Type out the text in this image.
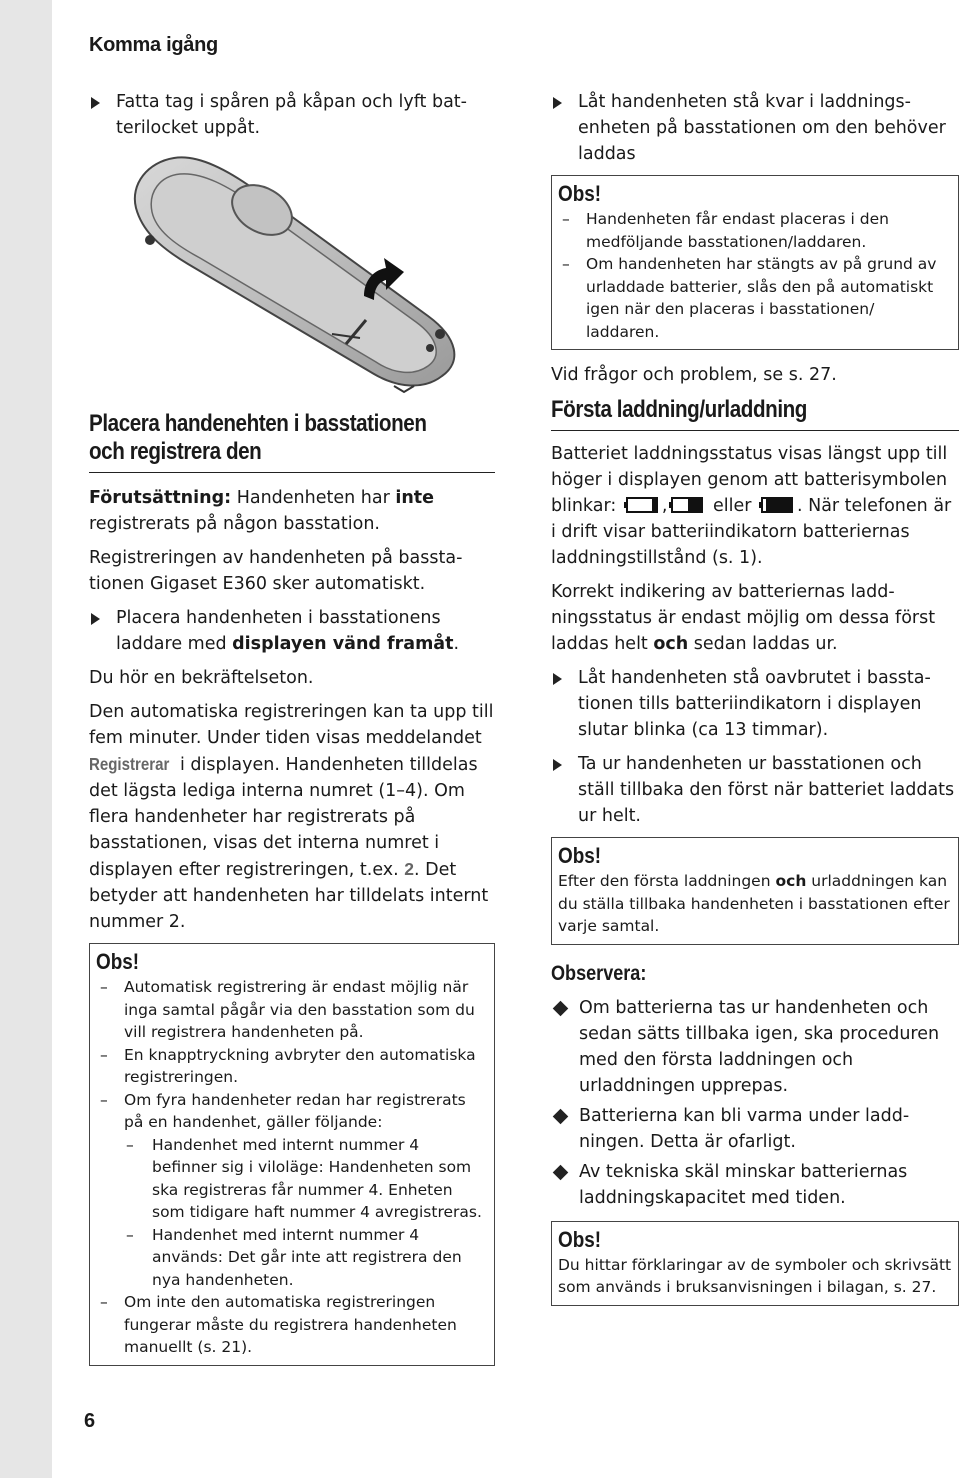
Komma igång
6
Fatta tag i spåren på kåpan och lyft batterilocket uppåt.
Placera handenehten i basstationen
och registrera den
Förutsättning: Handenheten har inte registrerats på någon basstation.
Registreringen av handenheten på basstationen Gigaset E360 sker automatiskt.
Placera handenheten i basstationens laddare med displayen vänd framåt.
Du hör en bekräftelseton.
Den automatiska registreringen kan ta upp till fem minuter. Under tiden visas meddelandet Registrerar i displayen. Handenheten tilldelas det lägsta lediga interna numret (1–4). Om flera handenheter har registrerats på basstationen, visas det interna numret i displayen efter registreringen, t.ex. 2. Det betyder att handenheten har tilldelats internt nummer 2.
Obs!
– Automatisk registrering är endast möjlig när inga samtal pågår via den basstation som du vill registrera handenheten på.
– En knapptryckning avbryter den automatiska registreringen.
– Om fyra handenheter redan har registrerats på en handenhet, gäller följande:
– Handenhet med internt nummer 4 befinner sig i viloläge: Handenheten som ska registreras får nummer 4. Enheten som tidigare haft nummer 4 avregistreras.
– Handenhet med internt nummer 4 används: Det går inte att registrera den nya handenheten.
– Om inte den automatiska registreringen fungerar måste du registrera handenheten manuellt (s. 21).
Låt handenheten stå kvar i laddningsenheten på basstationen om den behöver laddas
Obs!
– Handenheten får endast placeras i den medföljande basstationen/laddaren.
– Om handenheten har stängts av på grund av urladdade batterier, slås den på automatiskt igen när den placeras i basstationen/ laddaren.
Vid frågor och problem, se s. 27.
Första laddning/urladdning
Batteriet laddningsstatus visas längst upp till höger i displayen genom att batterisymbolen blinkar:
,
eller
. När telefonen är i drift visar batteriindikatorn batteriernas laddningstillstånd (s. 1).
Korrekt indikering av batteriernas laddningsstatus är endast möjlig om dessa först laddas helt och sedan laddas ur.
Låt handenheten stå oavbrutet i basstationen tills batteriindikatorn i displayen slutar blinka (ca 13 timmar).
Ta ur handenheten ur basstationen och ställ tillbaka den först när batteriet laddats ur helt.
Obs!
Efter den första laddningen och urladdningen kan du ställa tillbaka handenheten i basstationen efter varje samtal.
Observera:
Om batterierna tas ur handenheten och sedan sätts tillbaka igen, ska proceduren med den första laddningen och urladdningen upprepas.
Batterierna kan bli varma under laddningen. Detta är ofarligt.
Av tekniska skäl minskar batteriernas laddningskapacitet med tiden.
Obs!
Du hittar förklaringar av de symboler och skrivsätt som används i bruksanvisningen i bilagan, s. 27.
